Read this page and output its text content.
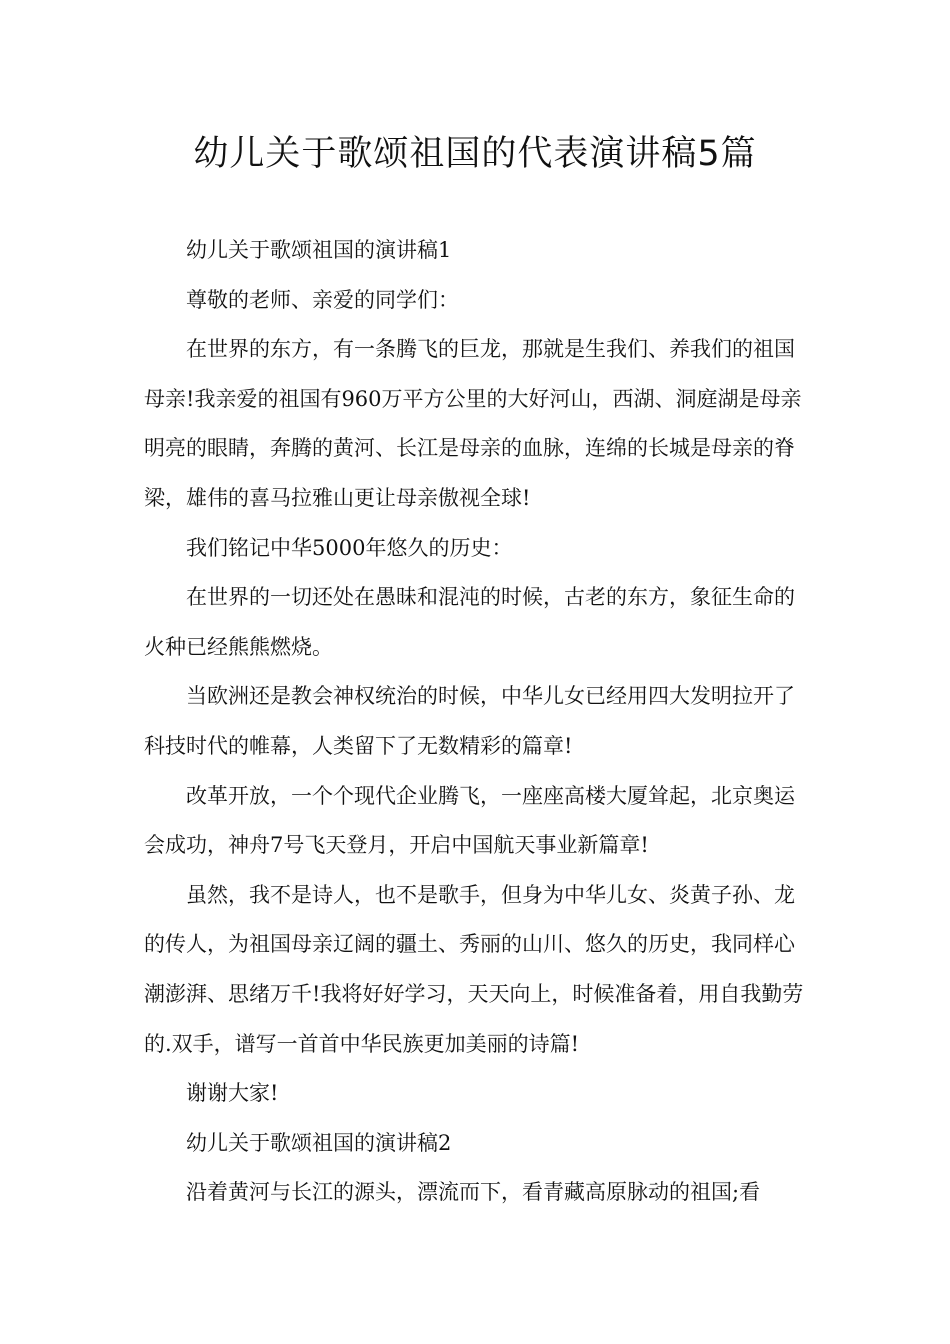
幼儿关于歌颂祖国的代表演讲稿5篇

幼儿关于歌颂祖国的演讲稿1

尊敬的老师、亲爱的同学们：

在世界的东方，有一条腾飞的巨龙，那就是生我们、养我们的祖国母亲!我亲爱的祖国有960万平方公里的大好河山，西湖、洞庭湖是母亲明亮的眼睛，奔腾的黄河、长江是母亲的血脉，连绵的长城是母亲的脊梁，雄伟的喜马拉雅山更让母亲傲视全球!

我们铭记中华5000年悠久的历史：

在世界的一切还处在愚昧和混沌的时候，古老的东方，象征生命的火种已经熊熊燃烧。

当欧洲还是教会神权统治的时候，中华儿女已经用四大发明拉开了科技时代的帷幕，人类留下了无数精彩的篇章!

改革开放，一个个现代企业腾飞，一座座高楼大厦耸起，北京奥运会成功，神舟7号飞天登月，开启中国航天事业新篇章!

虽然，我不是诗人，也不是歌手，但身为中华儿女、炎黄子孙、龙的传人，为祖国母亲辽阔的疆土、秀丽的山川、悠久的历史，我同样心潮澎湃、思绪万千!我将好好学习，天天向上，时候准备着，用自我勤劳的.双手，谱写一首首中华民族更加美丽的诗篇!

谢谢大家!

幼儿关于歌颂祖国的演讲稿2

沿着黄河与长江的源头，漂流而下，看青藏高原脉动的祖国;看
